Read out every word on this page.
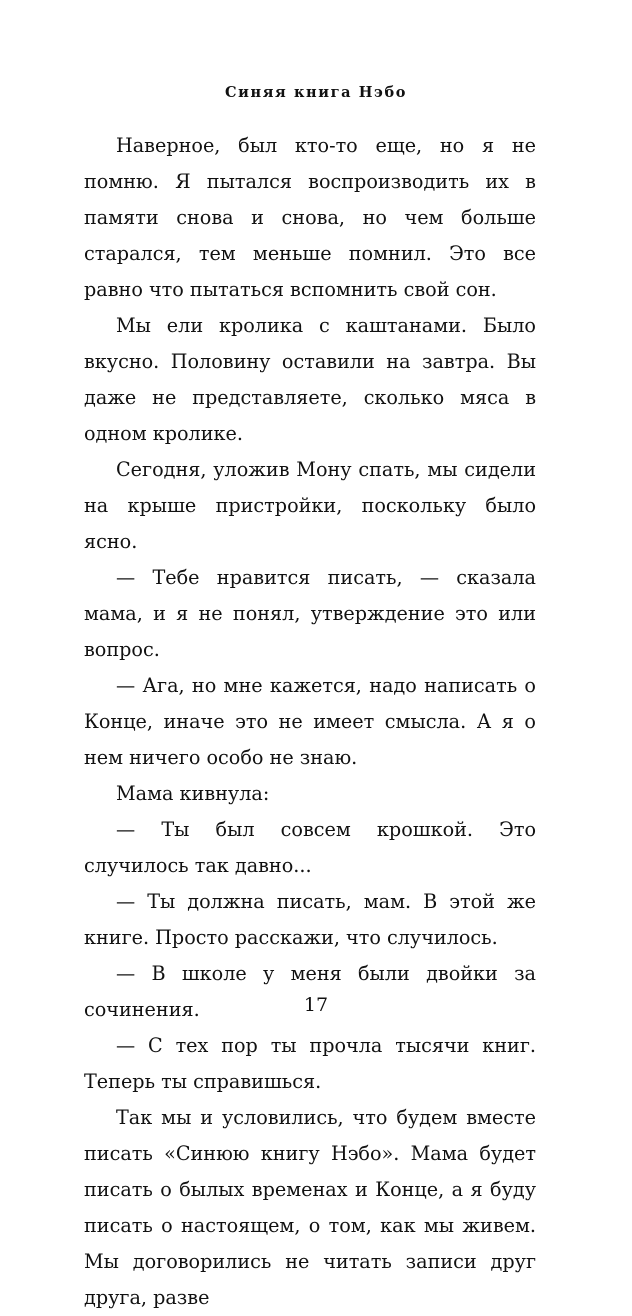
Синяя книга Нэбо

Наверное, был кто-то еще, но я не помню. Я пытался воспроизводить их в памяти снова и снова, но чем больше старался, тем меньше помнил. Это все равно что пытаться вспомнить свой сон.

Мы ели кролика с каштанами. Было вкусно. Половину оставили на завтра. Вы даже не представляете, сколько мяса в одном кролике.

Сегодня, уложив Мону спать, мы сидели на крыше пристройки, поскольку было ясно.

— Тебе нравится писать, — сказала мама, и я не понял, утверждение это или вопрос.

— Ага, но мне кажется, надо написать о Конце, иначе это не имеет смысла. А я о нем ничего особо не знаю.

Мама кивнула:

— Ты был совсем крошкой. Это случилось так давно...

— Ты должна писать, мам. В этой же книге. Просто расскажи, что случилось.

— В школе у меня были двойки за сочинения.

— С тех пор ты прочла тысячи книг. Теперь ты справишься.

Так мы и условились, что будем вместе писать «Синюю книгу Нэбо». Мама будет писать о былых временах и Конце, а я буду писать о настоящем, о том, как мы живем. Мы договорились не читать записи друг друга, разве

17
